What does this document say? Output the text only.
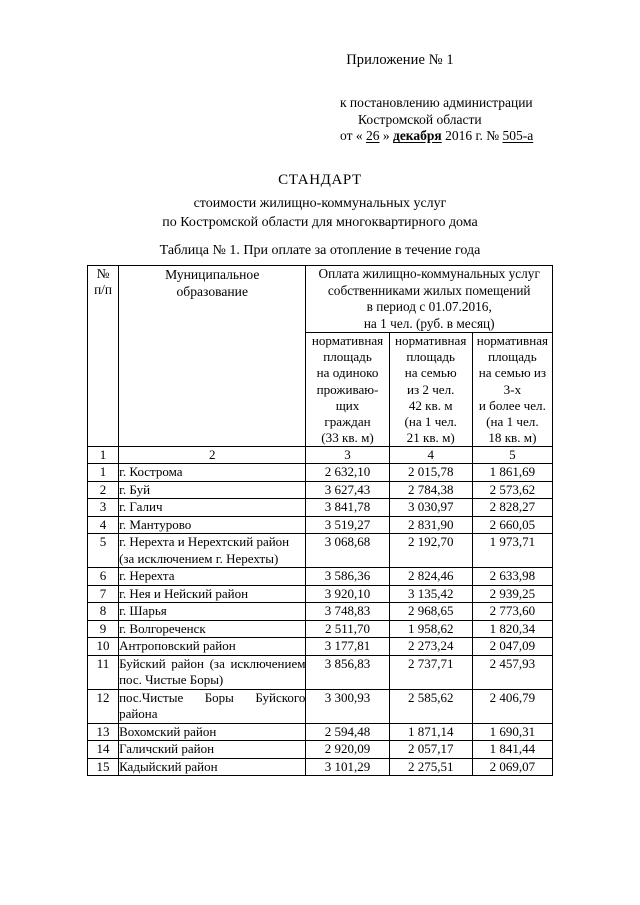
Приложение № 1
к постановлению администрации
Костромской области
от « 26 » декабря 2016 г. № 505-а
СТАНДАРТ
стоимости жилищно-коммунальных услуг
по Костромской области для многоквартирного дома
Таблица № 1. При оплате за отопление в течение года
№
п/п

Муниципальное
образование

Оплата жилищно-коммунальных услуг
собственниками жилых помещений
в период с 01.07.2016,
на 1 чел. (руб. в месяц)

нормативная
площадь
на одиноко
проживаю-
щих
граждан
(33 кв. м)

нормативная
площадь
на семью
из 2 чел.
42 кв. м
(на 1 чел.
21 кв. м)

нормативная
площадь
на семью из
3-х
и более чел.
(на 1 чел.
18 кв. м)

1	2	3	4	5
1	г. Кострома	2 632,10	2 015,78	1 861,69
2	г. Буй	3 627,43	2 784,38	2 573,62
3	г. Галич	3 841,78	3 030,97	2 828,27
4	г. Мантурово	3 519,27	2 831,90	2 660,05
5	г. Нерехта и Нерехтский район (за исключением г. Нерехты)	3 068,68	2 192,70	1 973,71
6	г. Нерехта	3 586,36	2 824,46	2 633,98
7	г. Нея и Нейский район	3 920,10	3 135,42	2 939,25
8	г. Шарья	3 748,83	2 968,65	2 773,60
9	г. Волгореченск	2 511,70	1 958,62	1 820,34
10	Антроповский район	3 177,81	2 273,24	2 047,09
11	Буйский район (за исключением пос. Чистые Боры)	3 856,83	2 737,71	2 457,93
12	пос.Чистые Боры Буйского района	3 300,93	2 585,62	2 406,79
13	Вохомский район	2 594,48	1 871,14	1 690,31
14	Галичский район	2 920,09	2 057,17	1 841,44
15	Кадыйский район	3 101,29	2 275,51	2 069,07
